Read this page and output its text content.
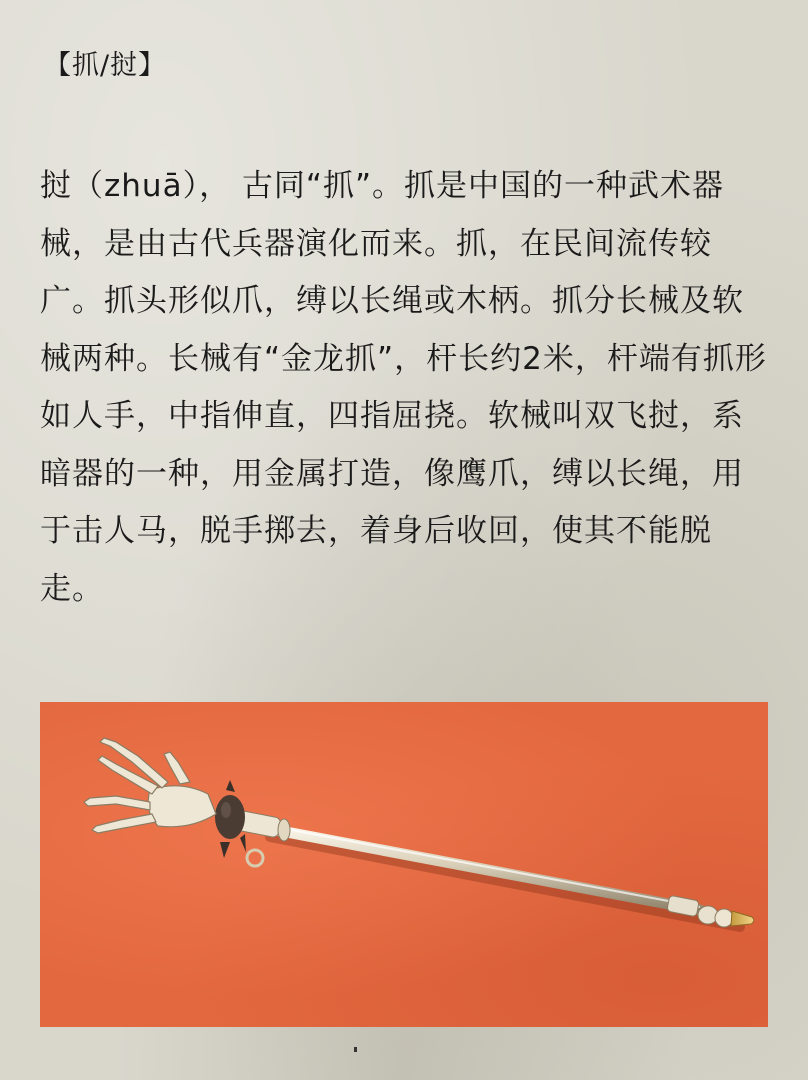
【抓/挝】
挝（zhuā）， 古同“抓”。抓是中国的一种武术器械，是由古代兵器演化而来。抓，在民间流传较广。抓头形似爪，缚以长绳或木柄。抓分长械及软械两种。长械有“金龙抓”，杆长约2米，杆端有抓形如人手，中指伸直，四指屈挠。软械叫双飞挝，系暗器的一种，用金属打造，像鹰爪，缚以长绳，用于击人马，脱手掷去，着身后收回，使其不能脱走。
